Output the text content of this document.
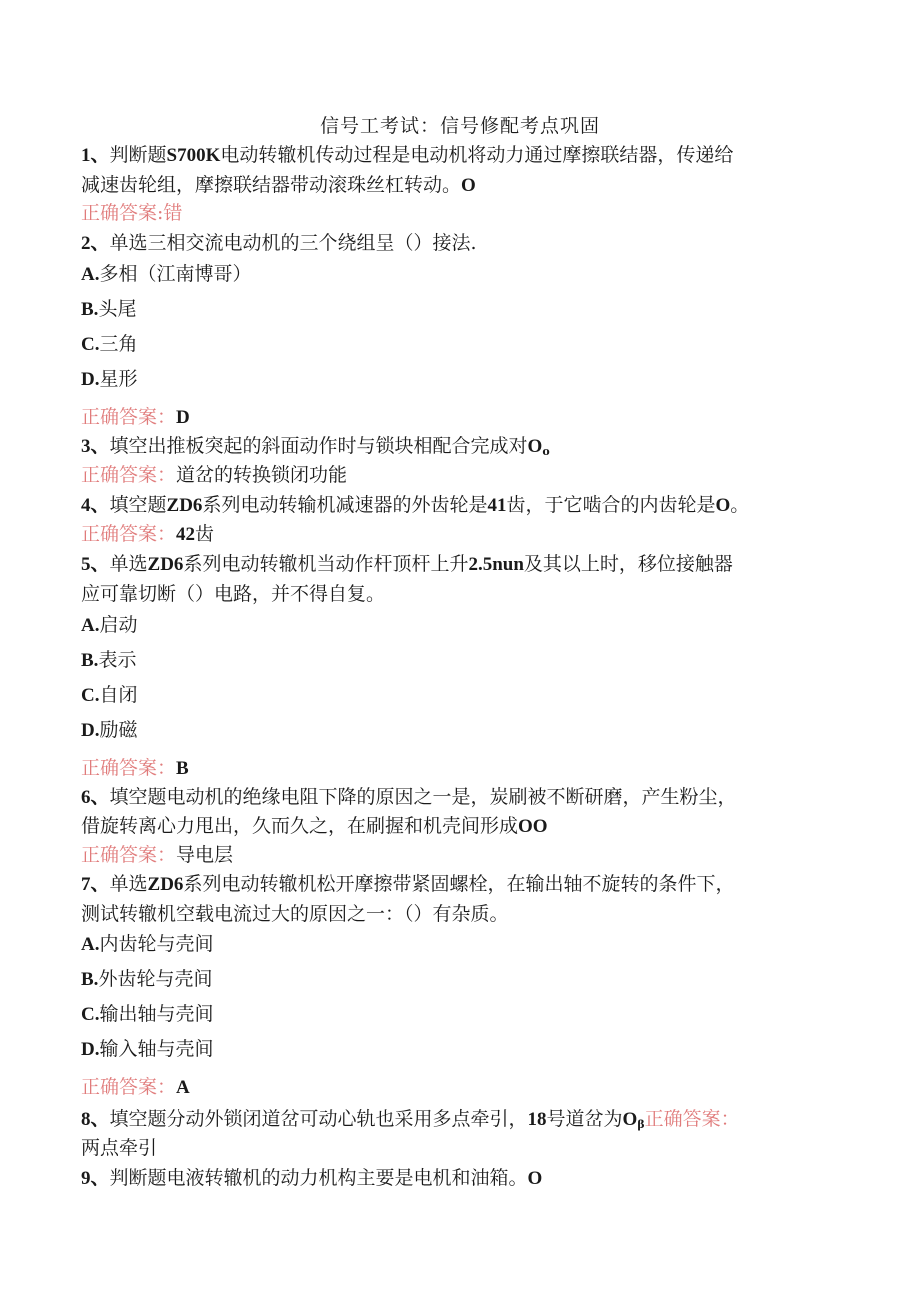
信号工考试：信号修配考点巩固
1、判断题S700K电动转辙机传动过程是电动机将动力通过摩擦联结器，传递给
减速齿轮组，摩擦联结器带动滚珠丝杠转动。O
正确答案:错
2、单选三相交流电动机的三个绕组呈（）接法.
A.多相（江南博哥）
B.头尾
C.三角
D.星形
正确答案：D
3、填空出推板突起的斜面动作时与锁块相配合完成对$O_o$
正确答案：道岔的转换锁闭功能
4、填空题ZD6系列电动转输机减速器的外齿轮是41齿，于它啮合的内齿轮是O。
正确答案：42齿
5、单选ZD6系列电动转辙机当动作杆顶杆上升2.5nun及其以上时，移位接触器
应可靠切断（）电路，并不得自复。
A.启动
B.表示
C.自闭
D.励磁
正确答案：B
6、填空题电动机的绝缘电阻下降的原因之一是，炭刷被不断研磨，产生粉尘，
借旋转离心力甩出，久而久之，在刷握和机壳间形成OO
正确答案：导电层
7、单选ZD6系列电动转辙机松开摩擦带紧固螺栓，在输出轴不旋转的条件下，
测试转辙机空载电流过大的原因之一：（）有杂质。
A.内齿轮与壳间
B.外齿轮与壳间
C.输出轴与壳间
D.输入轴与壳间
正确答案：A
8、填空题分动外锁闭道岔可动心轨也采用多点牵引，18号道岔为$O_\beta$正确答案：
两点牵引
9、判断题电液转辙机的动力机构主要是电机和油箱。O
